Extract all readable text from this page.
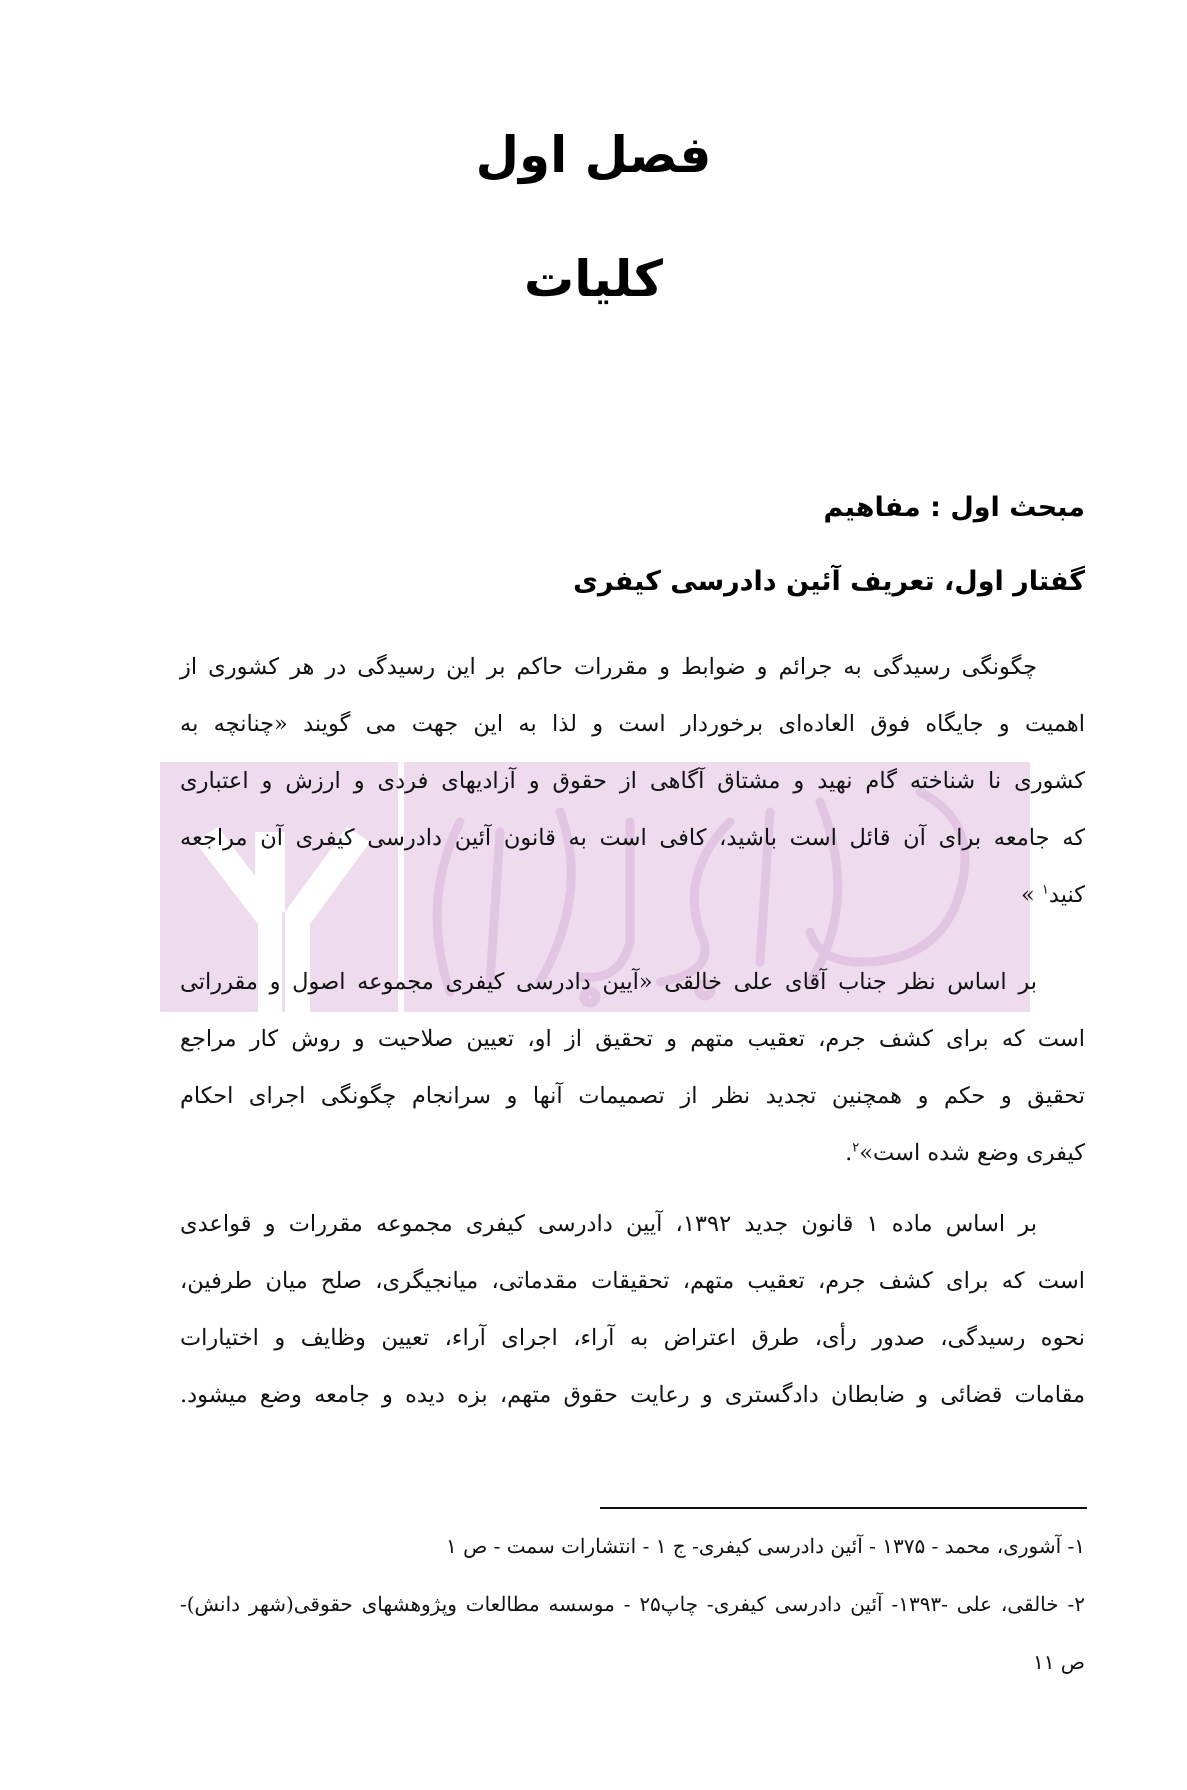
دادبازار
فصل اول
کلیات
مبحث اول : مفاهیم
گفتار اول، تعریف آئین دادرسی کیفری
چگونگی رسیدگی به جرائم و ضوابط و مقررات حاکم بر این رسیدگی در هر کشوری از
اهمیت و جایگاه فوق العاده‌ای برخوردار است و لذا به این جهت می گویند «چنانچه به
کشوری نا شناخته گام نهید و مشتاق آگاهی از حقوق و آزادیهای فردی و ارزش و اعتباری
که جامعه برای آن قائل است باشید، کافی است به قانون آئین دادرسی کیفری آن مراجعه
کنید$^۱$ »
بر اساس نظر جناب آقای علی خالقی «آیین دادرسی کیفری مجموعه اصول و مقرراتی
است که برای کشف جرم، تعقیب متهم و تحقیق از او، تعیین صلاحیت و روش کار مراجع
تحقیق و حکم و همچنین تجدید نظر از تصمیمات آنها و سرانجام چگونگی اجرای احکام
کیفری وضع شده است»$^۲$.
بر اساس ماده ۱ قانون جدید ۱۳۹۲، آیین دادرسی کیفری مجموعه مقررات و قواعدی
است که برای کشف جرم، تعقیب متهم، تحقیقات مقدماتی، میانجیگری، صلح میان طرفین،
نحوه رسیدگی، صدور رأی، طرق اعتراض به آراء، اجرای آراء، تعیین وظایف و اختیارات
مقامات قضائی و ضابطان دادگستری و رعایت حقوق متهم، بزه دیده و جامعه وضع میشود.
۱- آشوری، محمد - ۱۳۷۵ - آئین دادرسی کیفری- ج ۱ - انتشارات سمت - ص ۱
۲- خالقی، علی -۱۳۹۳- آئین دادرسی کیفری- چاپ۲۵ - موسسه مطالعات وپژوهشهای حقوقی(شهر دانش)-
ص ۱۱
